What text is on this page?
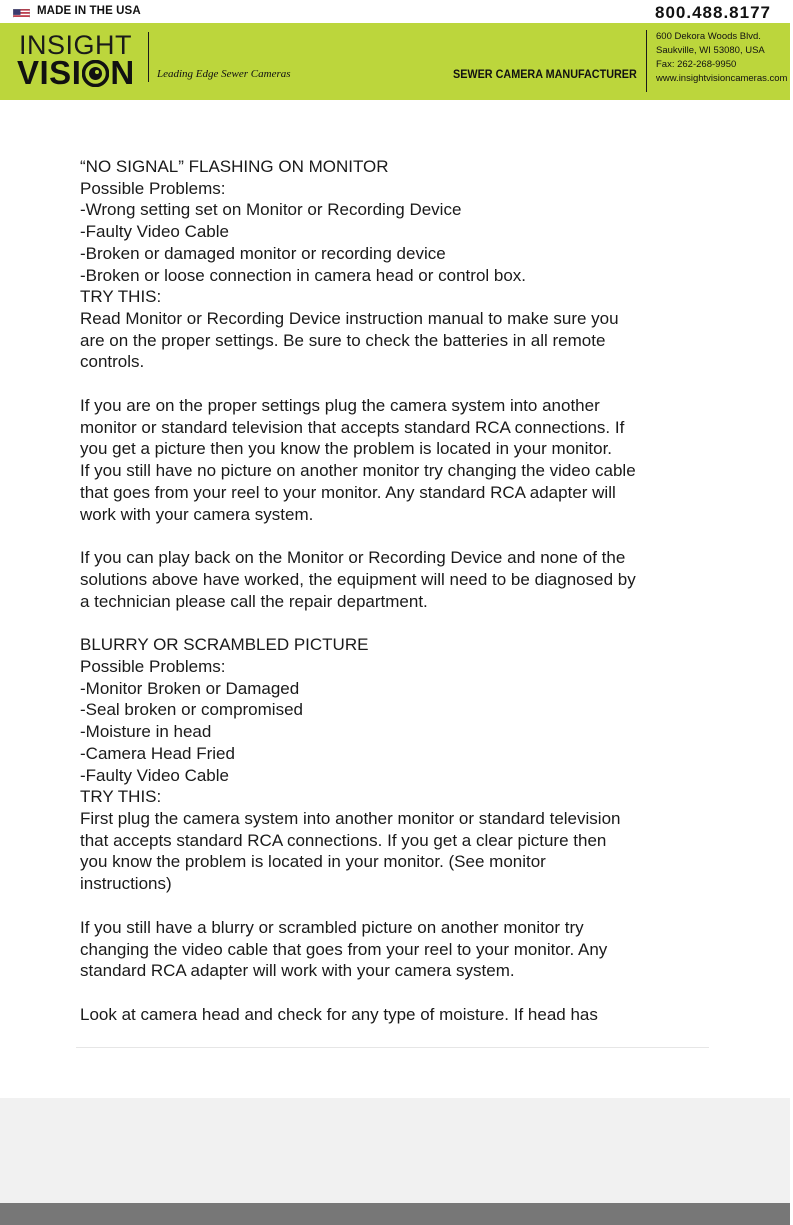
MADE IN THE USA	800.488.8177
INSIGHT
VISI N Leading Edge Sewer Cameras	SEWER CAMERA MANUFACTURER
600 Dekora Woods Blvd.
Saukville, WI 53080, USA
Fax: 262-268-9950
www.insightvisioncameras.com

“NO SIGNAL” FLASHING ON MONITOR
Possible Problems:
-Wrong setting set on Monitor or Recording Device
-Faulty Video Cable
-Broken or damaged monitor or recording device
-Broken or loose connection in camera head or control box.
TRY THIS:
Read Monitor or Recording Device instruction manual to make sure you
are on the proper settings. Be sure to check the batteries in all remote
controls.

If you are on the proper settings plug the camera system into another
monitor or standard television that accepts standard RCA connections. If
you get a picture then you know the problem is located in your monitor.
If you still have no picture on another monitor try changing the video cable
that goes from your reel to your monitor. Any standard RCA adapter will
work with your camera system.

If you can play back on the Monitor or Recording Device and none of the
solutions above have worked, the equipment will need to be diagnosed by
a technician please call the repair department.

BLURRY OR SCRAMBLED PICTURE
Possible Problems:
-Monitor Broken or Damaged
-Seal broken or compromised
-Moisture in head
-Camera Head Fried
-Faulty Video Cable
TRY THIS:
First plug the camera system into another monitor or standard television
that accepts standard RCA connections. If you get a clear picture then
you know the problem is located in your monitor. (See monitor
instructions)

If you still have a blurry or scrambled picture on another monitor try
changing the video cable that goes from your reel to your monitor. Any
standard RCA adapter will work with your camera system.

Look at camera head and check for any type of moisture. If head has
